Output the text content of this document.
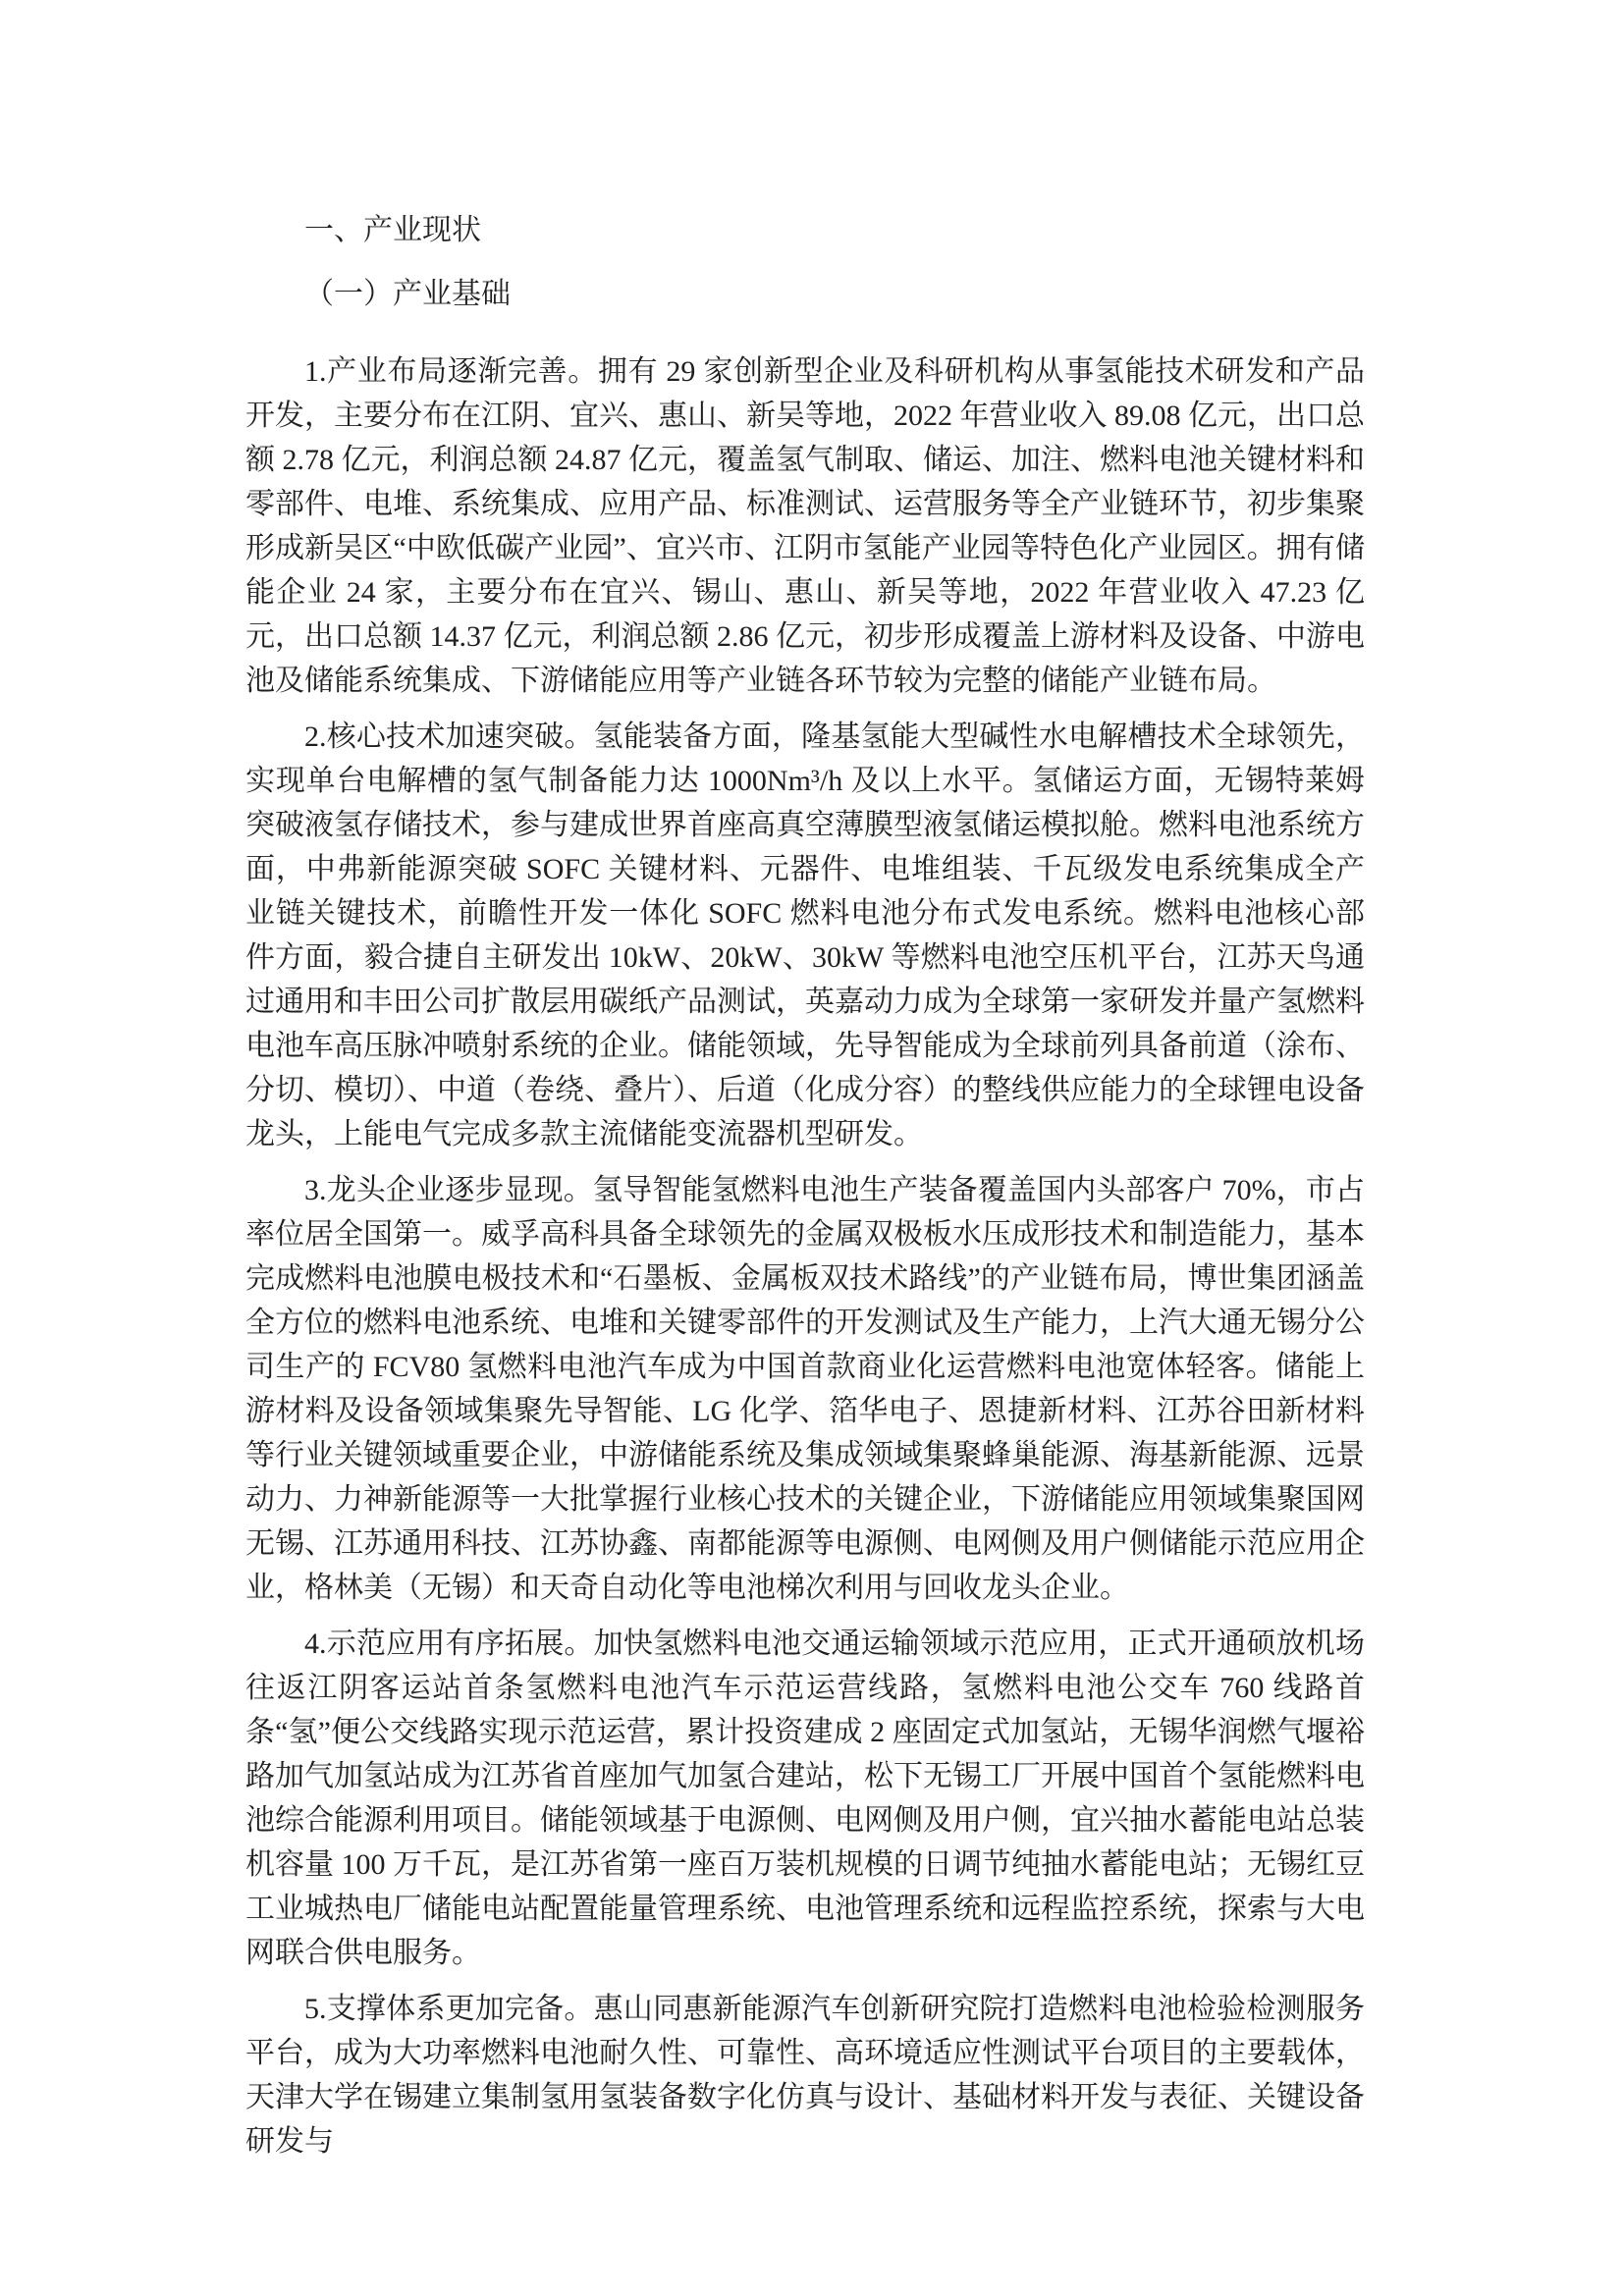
一、产业现状
（一）产业基础

1.产业布局逐渐完善。拥有 29 家创新型企业及科研机构从事氢能技术研发和产品开发，主要分布在江阴、宜兴、惠山、新吴等地，2022 年营业收入 89.08 亿元，出口总额 2.78 亿元，利润总额 24.87 亿元，覆盖氢气制取、储运、加注、燃料电池关键材料和零部件、电堆、系统集成、应用产品、标准测试、运营服务等全产业链环节，初步集聚形成新吴区“中欧低碳产业园”、宜兴市、江阴市氢能产业园等特色化产业园区。拥有储能企业 24 家，主要分布在宜兴、锡山、惠山、新吴等地，2022 年营业收入 47.23 亿元，出口总额 14.37 亿元，利润总额 2.86 亿元，初步形成覆盖上游材料及设备、中游电池及储能系统集成、下游储能应用等产业链各环节较为完整的储能产业链布局。

2.核心技术加速突破。氢能装备方面，隆基氢能大型碱性水电解槽技术全球领先，实现单台电解槽的氢气制备能力达 1000Nm³/h 及以上水平。氢储运方面，无锡特莱姆突破液氢存储技术，参与建成世界首座高真空薄膜型液氢储运模拟舱。燃料电池系统方面，中弗新能源突破 SOFC 关键材料、元器件、电堆组装、千瓦级发电系统集成全产业链关键技术，前瞻性开发一体化 SOFC 燃料电池分布式发电系统。燃料电池核心部件方面，毅合捷自主研发出 10kW、20kW、30kW 等燃料电池空压机平台，江苏天鸟通过通用和丰田公司扩散层用碳纸产品测试，英嘉动力成为全球第一家研发并量产氢燃料电池车高压脉冲喷射系统的企业。储能领域，先导智能成为全球前列具备前道（涂布、分切、模切）、中道（卷绕、叠片）、后道（化成分容）的整线供应能力的全球锂电设备龙头，上能电气完成多款主流储能变流器机型研发。

3.龙头企业逐步显现。氢导智能氢燃料电池生产装备覆盖国内头部客户 70%，市占率位居全国第一。威孚高科具备全球领先的金属双极板水压成形技术和制造能力，基本完成燃料电池膜电极技术和“石墨板、金属板双技术路线”的产业链布局，博世集团涵盖全方位的燃料电池系统、电堆和关键零部件的开发测试及生产能力，上汽大通无锡分公司生产的 FCV80 氢燃料电池汽车成为中国首款商业化运营燃料电池宽体轻客。储能上游材料及设备领域集聚先导智能、LG 化学、箔华电子、恩捷新材料、江苏谷田新材料等行业关键领域重要企业，中游储能系统及集成领域集聚蜂巢能源、海基新能源、远景动力、力神新能源等一大批掌握行业核心技术的关键企业，下游储能应用领域集聚国网无锡、江苏通用科技、江苏协鑫、南都能源等电源侧、电网侧及用户侧储能示范应用企业，格林美（无锡）和天奇自动化等电池梯次利用与回收龙头企业。

4.示范应用有序拓展。加快氢燃料电池交通运输领域示范应用，正式开通硕放机场往返江阴客运站首条氢燃料电池汽车示范运营线路，氢燃料电池公交车 760 线路首条“氢”便公交线路实现示范运营，累计投资建成 2 座固定式加氢站，无锡华润燃气堰裕路加气加氢站成为江苏省首座加气加氢合建站，松下无锡工厂开展中国首个氢能燃料电池综合能源利用项目。储能领域基于电源侧、电网侧及用户侧，宜兴抽水蓄能电站总装机容量 100 万千瓦，是江苏省第一座百万装机规模的日调节纯抽水蓄能电站；无锡红豆工业城热电厂储能电站配置能量管理系统、电池管理系统和远程监控系统，探索与大电网联合供电服务。

5.支撑体系更加完备。惠山同惠新能源汽车创新研究院打造燃料电池检验检测服务平台，成为大功率燃料电池耐久性、可靠性、高环境适应性测试平台项目的主要载体，天津大学在锡建立集制氢用氢装备数字化仿真与设计、基础材料开发与表征、关键设备研发与
